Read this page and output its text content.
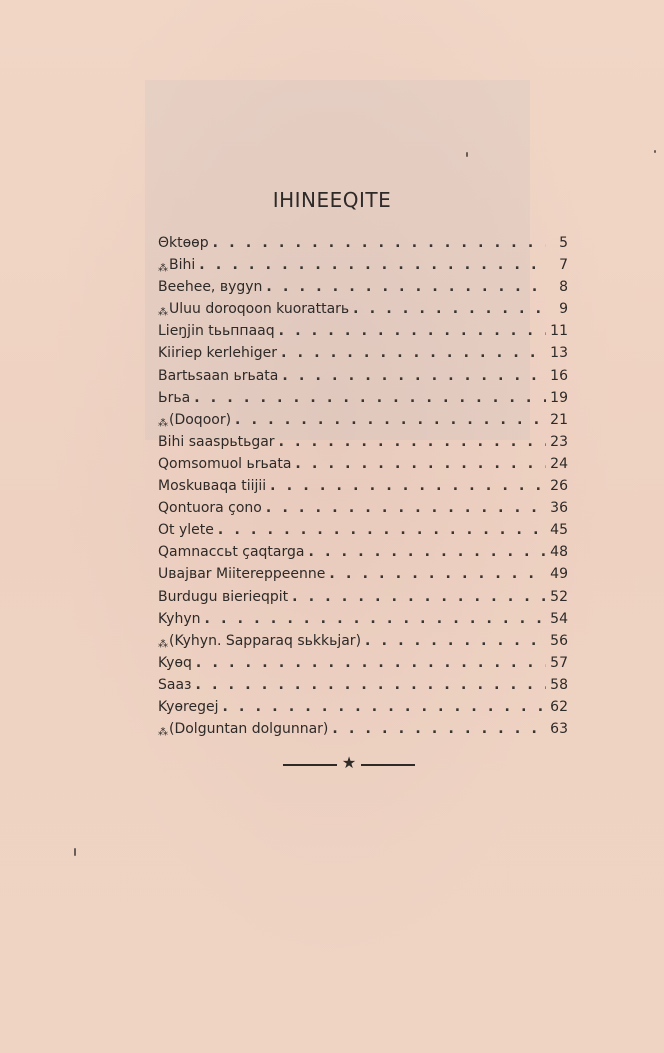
IHINEEQITE
Θktөөр . . .	5
⁂ Bihi . . .	7
Beehee, вуgyn . . .	8
⁂ Uluu doroqoon kuorattarь . . .	9
Lieŋjin tььппааq . . .	11
Kiiriep kerlehiger . . .	13
Bartьsaan ьrьata . . .	16
Ьrьa . . .	19
⁂ (Doqoor) . . .	21
Bihi saasрьtьgar . . .	23
Qomsomuol ьrьata . . .	24
Moskuвaqa tiijii . . .	26
Qontuora çono . . .	36
Ot ylete . . .	45
Qamnaccьt çaqtarga . . .	48
Uвajвar Miitereppeenne . . .	49
Burdugu вierieqpit . . .	52
Kyhyn . . .	54
⁂ (Kyhyn. Sapparaq sьkkьjar) . . .	56
Kyөq . . .	57
Saaз . . .	58
Kyөregej . . .	62
⁂ (Dolguntan dolgunnar) . . .	63
★
